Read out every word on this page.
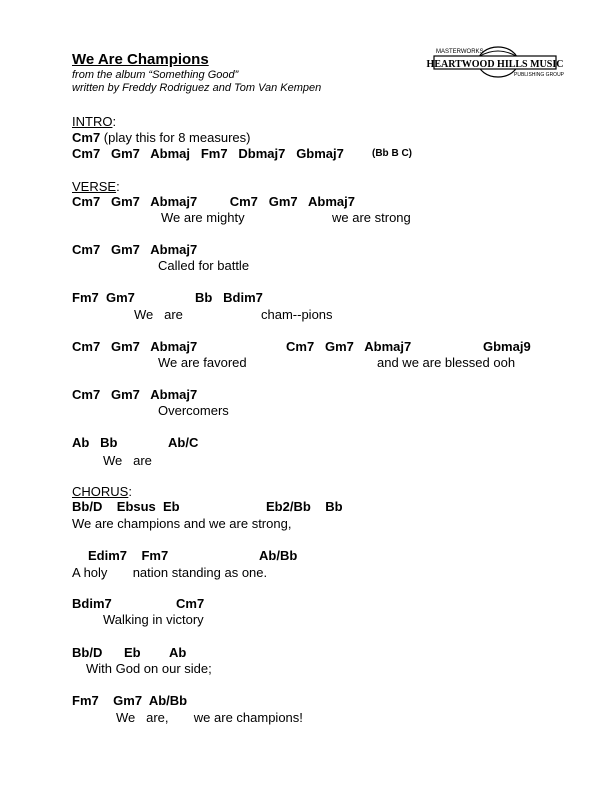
We Are Champions
from the album “Something Good”
written by Freddy Rodriguez and Tom Van Kempen
MASTERWORKS
HEARTWOOD HILLS MUSIC
PUBLISHING GROUP
INTRO:
Cm7 (play this for 8 measures)
Cm7   Gm7   Abmaj   Fm7   Dbmaj7   Gbmaj7	(Bb B C)
VERSE:
Cm7   Gm7   Abmaj7         Cm7   Gm7   Abmaj7
We are mighty	we are strong
Cm7   Gm7   Abmaj7
Called for battle
Fm7  Gm7	Bb   Bdim7
We   are	cham--pions
Cm7   Gm7   Abmaj7	Cm7   Gm7   Abmaj7	Gbmaj9
We are favored	and we are blessed ooh
Cm7   Gm7   Abmaj7
Overcomers
Ab   Bb	Ab/C
We   are
CHORUS:
Bb/D    Ebsus  Eb	Eb2/Bb    Bb
We are champions and we are strong,
Edim7    Fm7	Ab/Bb
A holy       nation standing as one.
Bdim7	Cm7
Walking in victory
Bb/D      Eb        Ab
With God on our side;
Fm7    Gm7  Ab/Bb
We   are,       we are champions!
